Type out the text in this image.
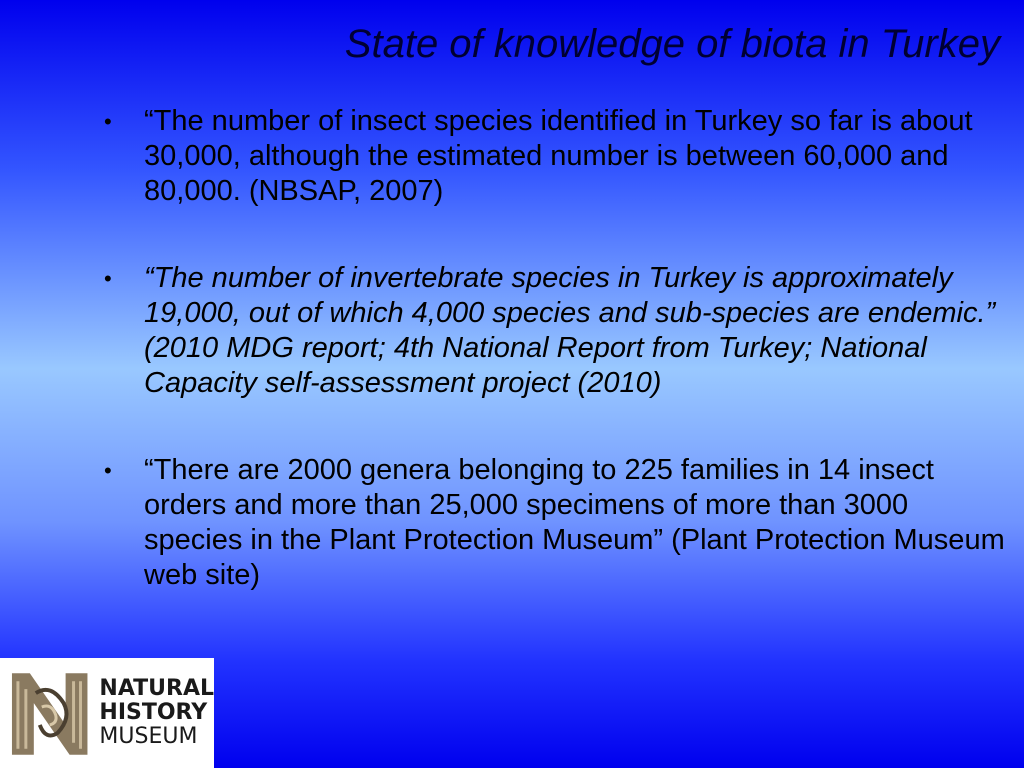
State of knowledge of biota in Turkey
•	“The number of insect species identified in Turkey so far is about 30,000, although the estimated number is between 60,000 and 80,000. (NBSAP, 2007)
•	“The number of invertebrate species in Turkey is approximately 19,000, out of which 4,000 species and sub-species are endemic.” (2010 MDG report; 4th National Report from Turkey; National Capacity self-assessment project (2010)
•	“There are 2000 genera belonging to 225 families in 14 insect orders and more than 25,000 specimens of more than 3000 species in the Plant Protection Museum” (Plant Protection Museum web site)
NATURAL
HISTORY
MUSEUM
